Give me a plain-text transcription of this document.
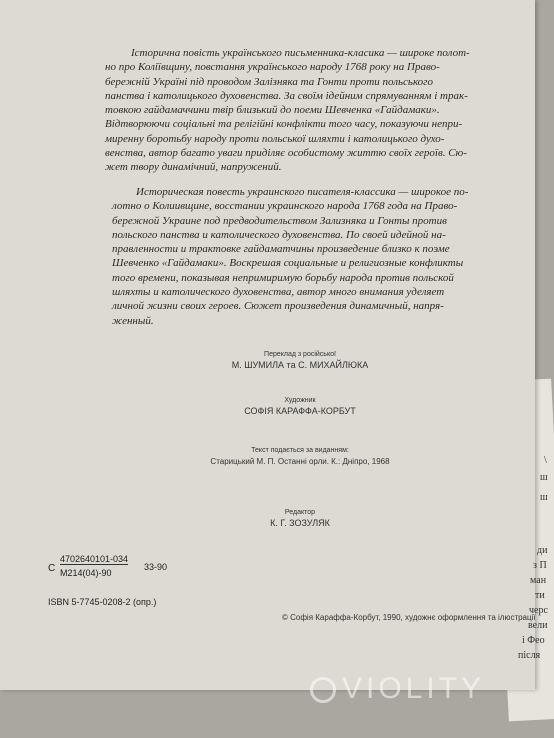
Історична повість українського письменника-класика — широке полот-
но про Коліївщину, повстання українського народу 1768 року на Право-
бережній Україні під проводом Залізняка та Гонти проти польського
панства і католицького духовенства. За своїм ідейним спрямуванням і трак-
товкою гайдамаччини твір близький до поеми Шевченка «Гайдамаки».
Відтворюючи соціальні та релігійні конфлікти того часу, показуючи непри-
миренну боротьбу народу проти польської шляхти і католицького духо-
венства, автор багато уваги приділяє особистому життю своїх героїв. Сю-
жет твору динамічний, напружений.
Историческая повесть украинского писателя-классика — широкое по-
лотно о Колиивщине, восстании украинского народа 1768 года на Право-
бережной Украине под предводительством Зализняка и Гонты против
польского панства и католического духовенства. По своей идейной на-
правленности и трактовке гайдаматчины произведение близко к поэме
Шевченко «Гайдамаки». Воскрешая социальные и религиозные конфликты
того времени, показывая непримиримую борьбу народа против польской
шляхты и католического духовенства, автор много внимания уделяет
личной жизни своих героев. Сюжет произведения динамичный, напря-
женный.
Переклад з російської
М. ШУМИЛА та С. МИХАЙЛЮКА
Художник
СОФІЯ КАРАФФА-КОРБУТ
Текст подається за виданням:
Старицький М. П. Останні орли. К.: Дніпро, 1968
Редактор
К. Г. ЗОЗУЛЯК
С
4702640101-034
М214(04)-90
33-90
ISBN 5-7745-0208-2 (опр.)
© Софія Караффа-Корбут, 1990, художнє оформлення та ілюстрації
\
ш
ш
ди
з П
ман
ти
черс
вели
і Фео
після
VIOLITY
